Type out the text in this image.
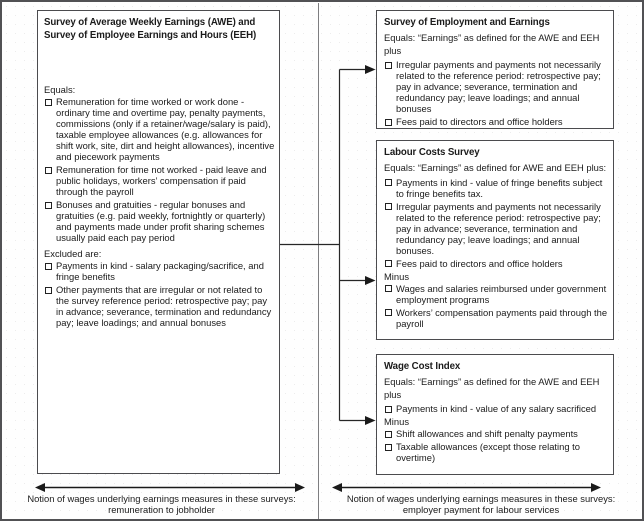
Survey of Average Weekly Earnings (AWE) and
Survey of Employee Earnings and Hours (EEH)
Equals:
Remuneration for time worked or work done - ordinary time and overtime pay, penalty payments, commissions (only if a retainer/wage/salary is paid), taxable employee allowances (e.g. allowances for shift work, site, dirt and height allowances), incentive and piecework payments
Remuneration for time not worked - paid leave and public holidays, workers’ compensation if paid through the payroll
Bonuses and gratuities - regular bonuses and gratuities (e.g. paid weekly, fortnightly or quarterly) and payments made under profit sharing schemes usually paid each pay period
Excluded are:
Payments in kind - salary packaging/sacrifice, and fringe benefits
Other payments that are irregular or not related to the survey reference period: retrospective pay; pay in advance; severance, termination and redundancy pay; leave loadings; and annual bonuses
Survey of Employment and Earnings
Equals: “Earnings” as defined for the AWE and EEH plus
Irregular payments and payments not necessarily related to the reference period: retrospective pay; pay in advance; severance, termination and redundancy pay; leave loadings; and annual bonuses
Fees paid to directors and office holders
Labour Costs Survey
Equals: “Earnings” as defined for AWE and EEH plus:
Payments in kind - value of fringe benefits subject to fringe benefits tax.
Irregular payments and payments not necessarily related to the reference period: retrospective pay; pay in advance; severance, termination and redundancy pay; leave loadings; and annual bonuses.
Fees paid to directors and office holders
Minus
Wages and salaries reimbursed under government employment programs
Workers’ compensation payments paid through the payroll
Wage Cost Index
Equals: “Earnings” as defined for the AWE and EEH plus
Payments in kind - value of any salary sacrificed
Minus
Shift allowances and shift penalty payments
Taxable allowances (except those relating to overtime)
Notion of wages underlying earnings measures in these surveys:
remuneration to jobholder
Notion of wages underlying earnings measures in these surveys:
employer payment for labour services
